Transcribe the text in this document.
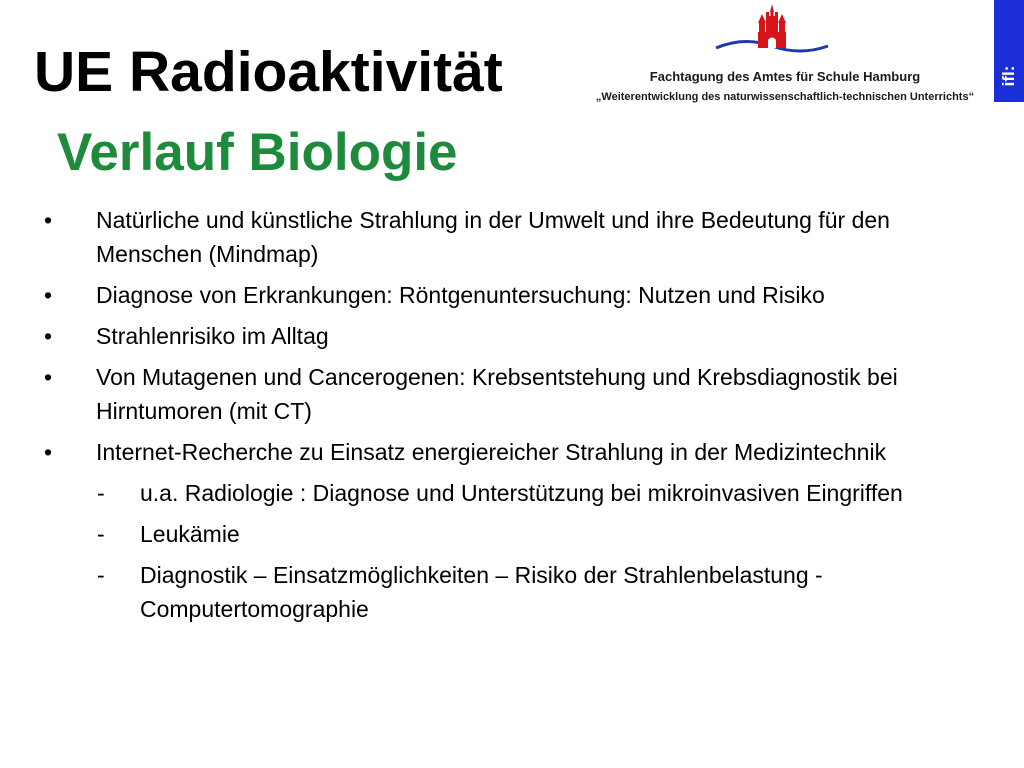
UE Radioaktivität
Verlauf Biologie
Fachtagung des Amtes für Schule Hamburg
„Weiterentwicklung des naturwissenschaftlich-technischen Unterrichts“
ifl:
• Natürliche und künstliche Strahlung in der Umwelt und ihre Bedeutung für den Menschen (Mindmap)
• Diagnose von Erkrankungen: Röntgenuntersuchung: Nutzen und Risiko
• Strahlenrisiko im Alltag
• Von Mutagenen und Cancerogenen: Krebsentstehung und Krebsdiagnostik bei Hirntumoren (mit CT)
• Internet-Recherche zu Einsatz energiereicher Strahlung in der Medizintechnik
- u.a. Radiologie : Diagnose und Unterstützung bei mikroinvasiven Eingriffen
- Leukämie
- Diagnostik – Einsatzmöglichkeiten – Risiko der Strahlenbelastung - Computertomographie
